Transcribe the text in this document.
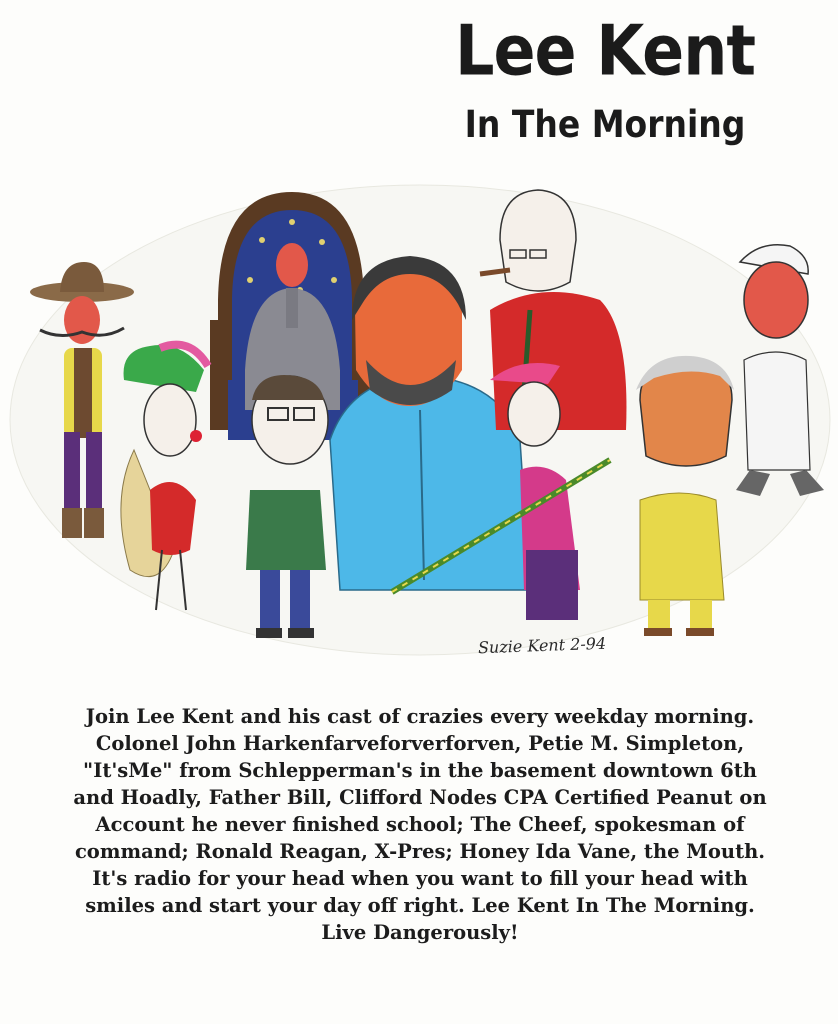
Lee Kent
In The Morning
Suzie Kent 2-94
Join Lee Kent and his cast of crazies every weekday morning. Colonel John Harkenfarveforverforven, Petie M. Simpleton, "It'sMe" from Schlepperman's in the basement downtown 6th and Hoadly, Father Bill, Clifford Nodes CPA Certified Peanut on Account he never finished school; The Cheef, spokesman of command; Ronald Reagan, X-Pres; Honey Ida Vane, the Mouth. It's radio for your head when you want to fill your head with smiles and start your day off right. Lee Kent In The Morning. Live Dangerously!
